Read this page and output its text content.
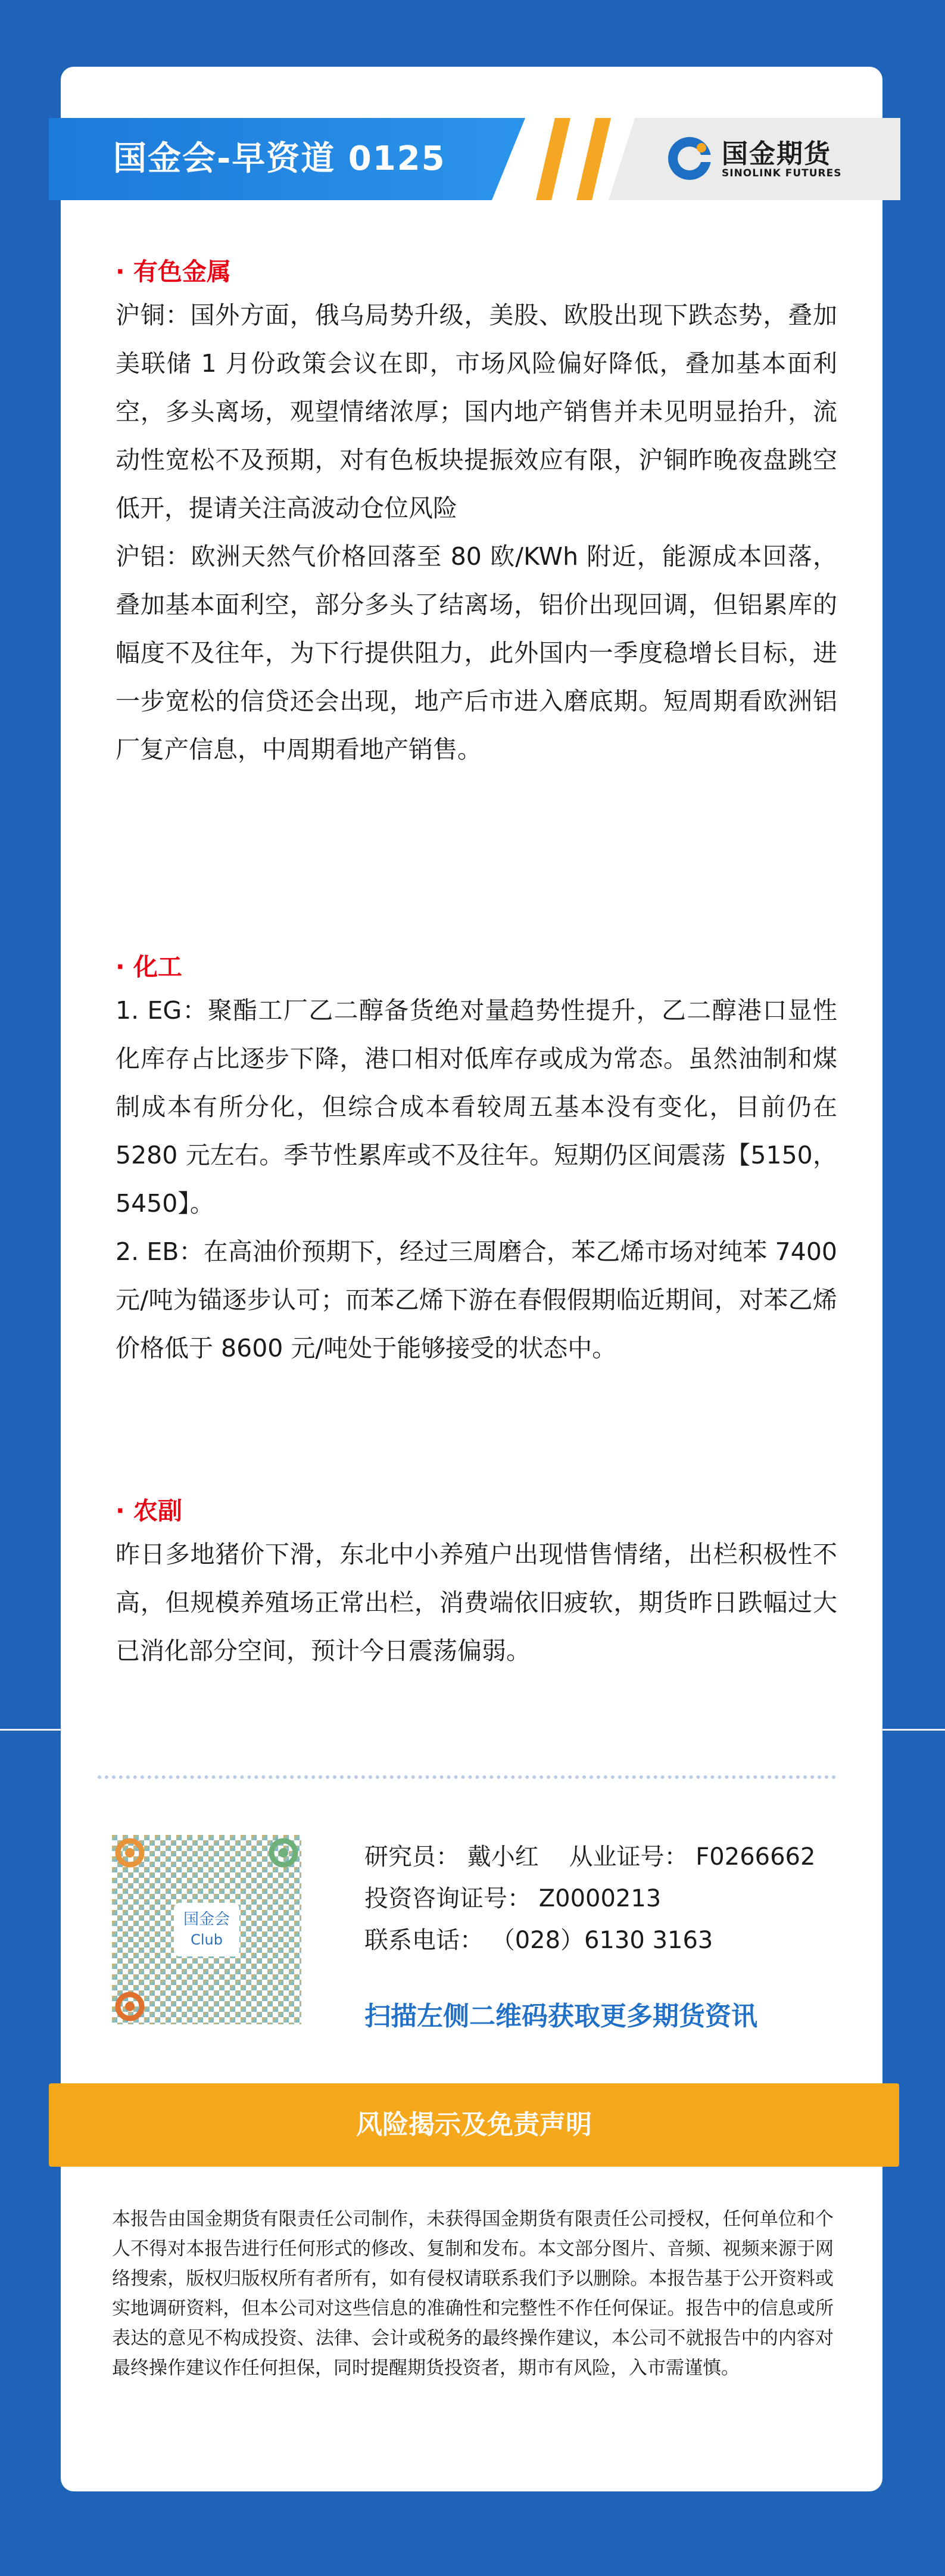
国金会-早资道 0125	国金期货
SINOLINK FUTURES
· 有色金属
沪铜：国外方面，俄乌局势升级，美股、欧股出现下跌态势，叠加美联储 1 月份政策会议在即，市场风险偏好降低，叠加基本面利空，多头离场，观望情绪浓厚；国内地产销售并未见明显抬升，流动性宽松不及预期，对有色板块提振效应有限，沪铜昨晚夜盘跳空低开，提请关注高波动仓位风险
沪铝：欧洲天然气价格回落至 80 欧/KWh 附近，能源成本回落，叠加基本面利空，部分多头了结离场，铝价出现回调，但铝累库的幅度不及往年，为下行提供阻力，此外国内一季度稳增长目标，进一步宽松的信贷还会出现，地产后市进入磨底期。短周期看欧洲铝厂复产信息，中周期看地产销售。
· 化工
1. EG：聚酯工厂乙二醇备货绝对量趋势性提升，乙二醇港口显性化库存占比逐步下降，港口相对低库存或成为常态。虽然油制和煤制成本有所分化，但综合成本看较周五基本没有变化，目前仍在 5280 元左右。季节性累库或不及往年。短期仍区间震荡【5150，5450】。
2. EB：在高油价预期下，经过三周磨合，苯乙烯市场对纯苯 7400 元/吨为锚逐步认可；而苯乙烯下游在春假假期临近期间，对苯乙烯价格低于 8600 元/吨处于能够接受的状态中。
· 农副
昨日多地猪价下滑，东北中小养殖户出现惜售情绪，出栏积极性不高，但规模养殖场正常出栏，消费端依旧疲软，期货昨日跌幅过大已消化部分空间，预计今日震荡偏弱。
国金会
Club
研究员： 戴小红    从业证号： F0266662
投资咨询证号： Z0000213
联系电话： （028）6130 3163
扫描左侧二维码获取更多期货资讯
风险揭示及免责声明
本报告由国金期货有限责任公司制作，未获得国金期货有限责任公司授权，任何单位和个人不得对本报告进行任何形式的修改、复制和发布。本文部分图片、音频、视频来源于网络搜索，版权归版权所有者所有，如有侵权请联系我们予以删除。本报告基于公开资料或实地调研资料，但本公司对这些信息的准确性和完整性不作任何保证。报告中的信息或所表达的意见不构成投资、法律、会计或税务的最终操作建议，本公司不就报告中的内容对最终操作建议作任何担保，同时提醒期货投资者，期市有风险，入市需谨慎。
